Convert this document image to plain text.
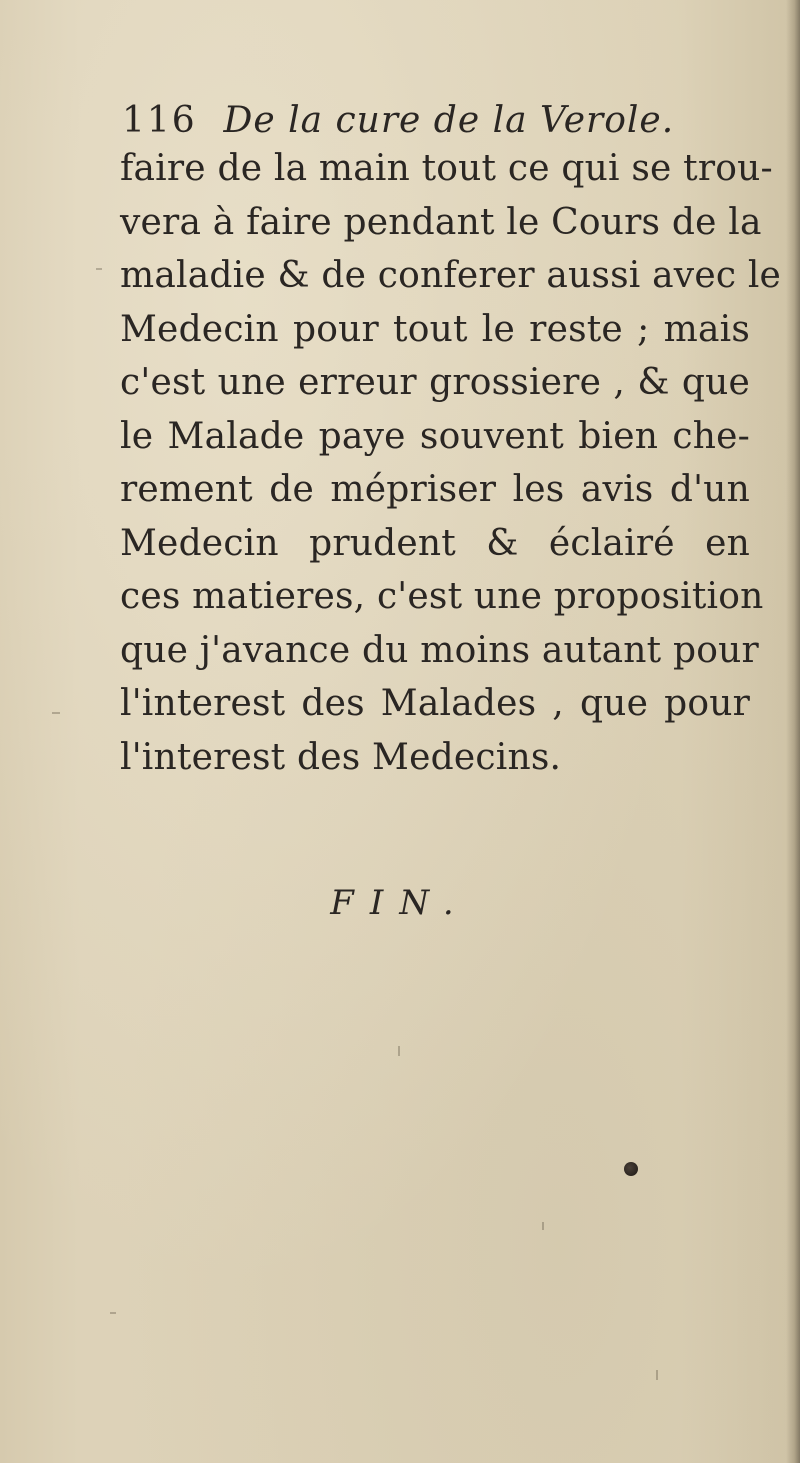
116 De la cure de la Verole.
faire de la main tout ce qui se trou-
vera à faire pendant le Cours de la
maladie & de conferer aussi avec le
Medecin pour tout le reste ; mais
c'est une erreur grossiere , & que
le Malade paye souvent bien che-
rement de mépriser les avis d'un
Medecin prudent & éclairé en
ces matieres, c'est une proposition
que j'avance du moins autant pour
l'interest des Malades , que pour
l'interest des Medecins.
FIN.
